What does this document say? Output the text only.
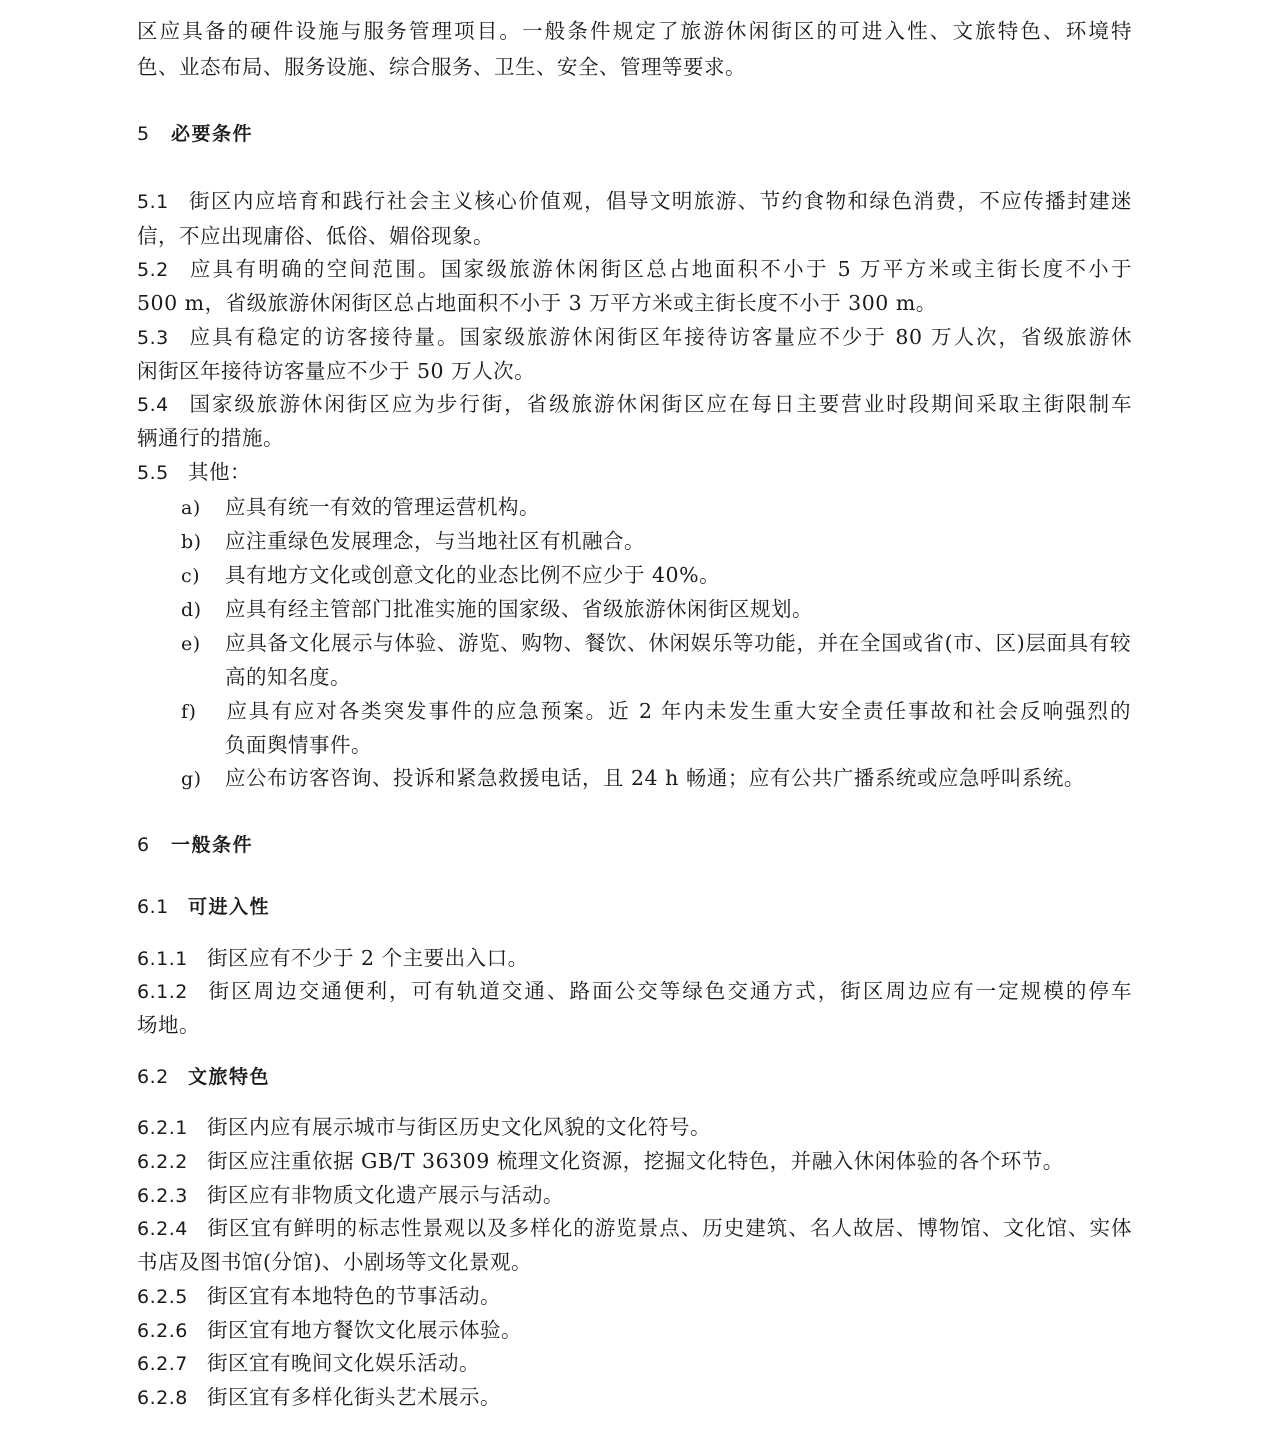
区应具备的硬件设施与服务管理项目。一般条件规定了旅游休闲街区的可进入性、文旅特色、环境特
色、业态布局、服务设施、综合服务、卫生、安全、管理等要求。
5 必要条件
5.1 街区内应培育和践行社会主义核心价值观，倡导文明旅游、节约食物和绿色消费，不应传播封建迷
信，不应出现庸俗、低俗、媚俗现象。
5.2 应具有明确的空间范围。国家级旅游休闲街区总占地面积不小于 5 万平方米或主街长度不小于
500 m，省级旅游休闲街区总占地面积不小于 3 万平方米或主街长度不小于 300 m。
5.3 应具有稳定的访客接待量。国家级旅游休闲街区年接待访客量应不少于 80 万人次，省级旅游休
闲街区年接待访客量应不少于 50 万人次。
5.4 国家级旅游休闲街区应为步行街，省级旅游休闲街区应在每日主要营业时段期间采取主街限制车
辆通行的措施。
5.5 其他：
a) 应具有统一有效的管理运营机构。
b) 应注重绿色发展理念，与当地社区有机融合。
c) 具有地方文化或创意文化的业态比例不应少于 40%。
d) 应具有经主管部门批准实施的国家级、省级旅游休闲街区规划。
e) 应具备文化展示与体验、游览、购物、餐饮、休闲娱乐等功能，并在全国或省(市、区)层面具有较
高的知名度。
f) 应具有应对各类突发事件的应急预案。近 2 年内未发生重大安全责任事故和社会反响强烈的
负面舆情事件。
g) 应公布访客咨询、投诉和紧急救援电话，且 24 h 畅通；应有公共广播系统或应急呼叫系统。
6 一般条件
6.1 可进入性
6.1.1 街区应有不少于 2 个主要出入口。
6.1.2 街区周边交通便利，可有轨道交通、路面公交等绿色交通方式，街区周边应有一定规模的停车
场地。
6.2 文旅特色
6.2.1 街区内应有展示城市与街区历史文化风貌的文化符号。
6.2.2 街区应注重依据 GB/T 36309 梳理文化资源，挖掘文化特色，并融入休闲体验的各个环节。
6.2.3 街区应有非物质文化遗产展示与活动。
6.2.4 街区宜有鲜明的标志性景观以及多样化的游览景点、历史建筑、名人故居、博物馆、文化馆、实体
书店及图书馆(分馆)、小剧场等文化景观。
6.2.5 街区宜有本地特色的节事活动。
6.2.6 街区宜有地方餐饮文化展示体验。
6.2.7 街区宜有晚间文化娱乐活动。
6.2.8 街区宜有多样化街头艺术展示。
